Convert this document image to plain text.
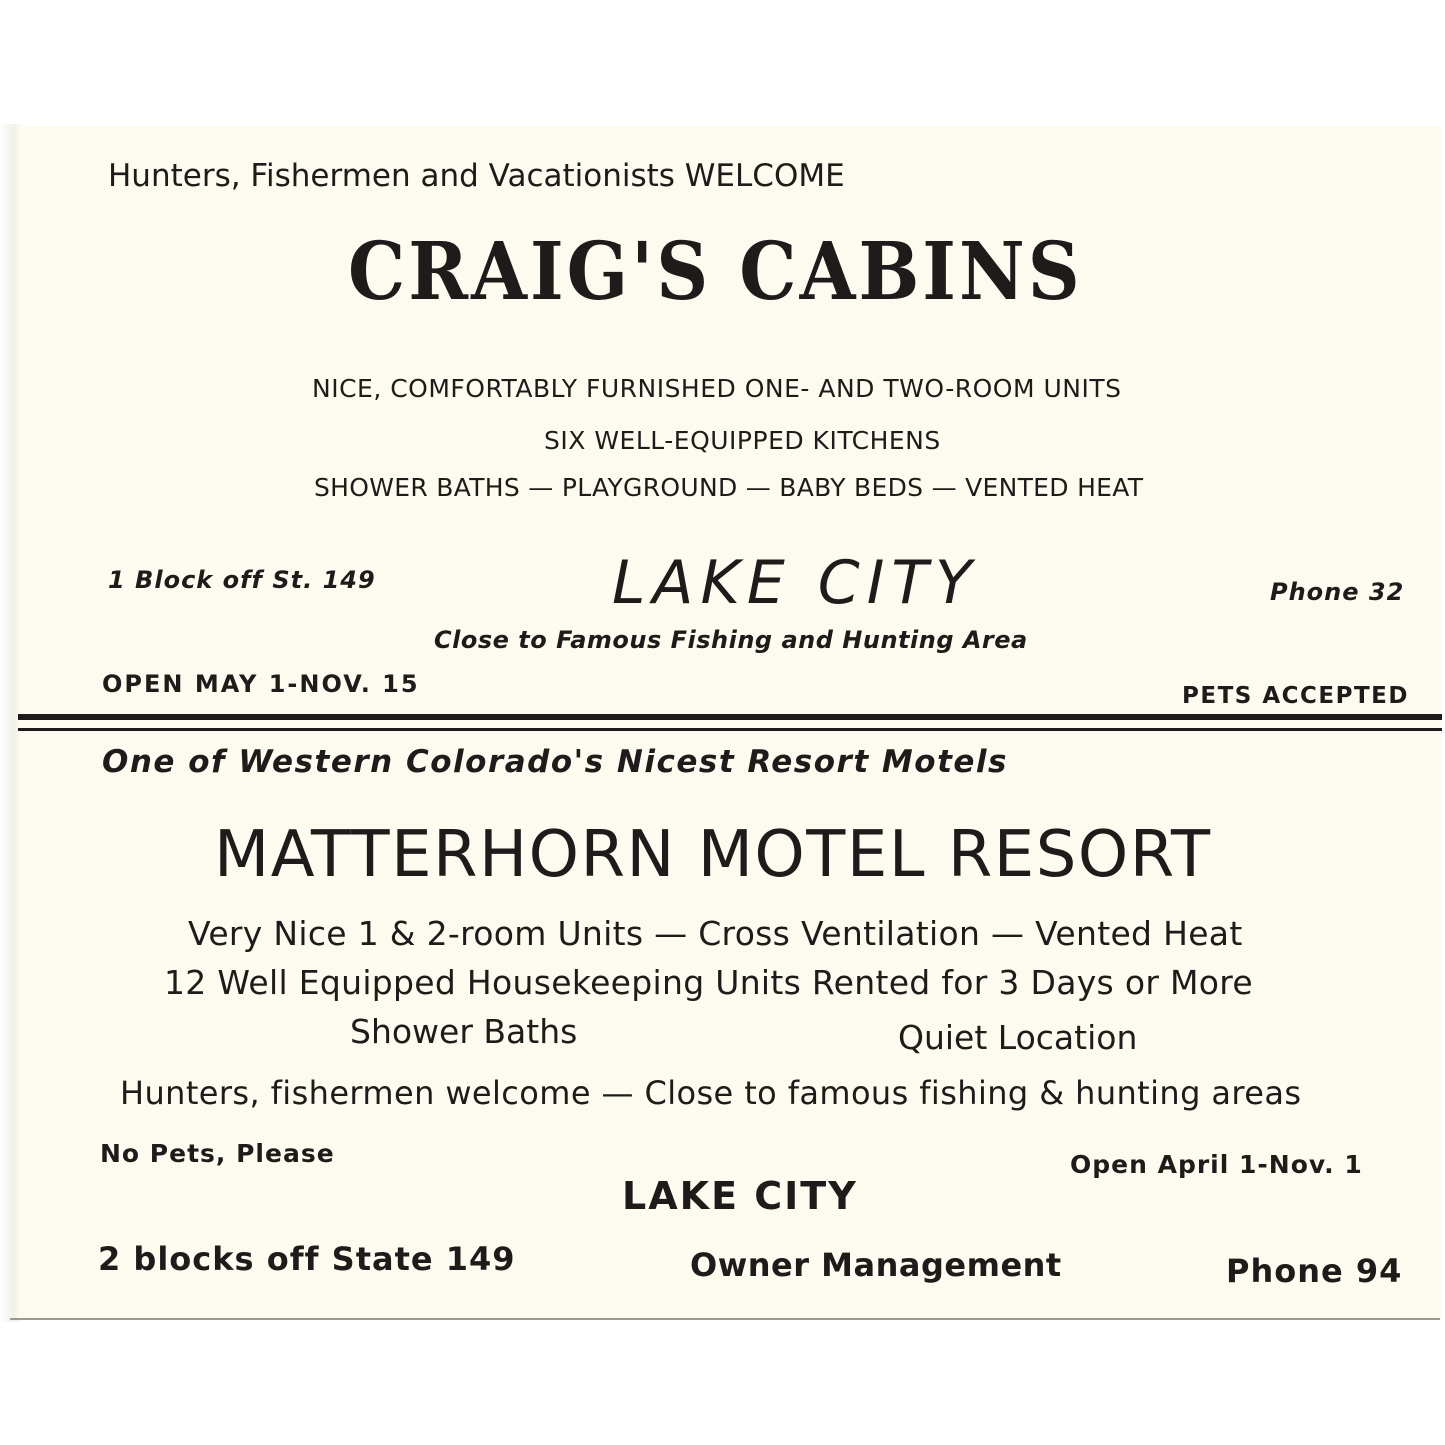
Hunters, Fishermen and Vacationists WELCOME

CRAIG'S CABINS

NICE, COMFORTABLY FURNISHED ONE- AND TWO-ROOM UNITS

SIX WELL-EQUIPPED KITCHENS

SHOWER BATHS — PLAYGROUND — BABY BEDS — VENTED HEAT

1 Block off St. 149	LAKE CITY	Phone 32

Close to Famous Fishing and Hunting Area

OPEN MAY 1-NOV. 15	PETS ACCEPTED

One of Western Colorado's Nicest Resort Motels

MATTERHORN MOTEL RESORT

Very Nice 1 & 2-room Units — Cross Ventilation — Vented Heat

12 Well Equipped Housekeeping Units Rented for 3 Days or More

Shower Baths	Quiet Location

Hunters, fishermen welcome — Close to famous fishing & hunting areas

No Pets, Please	Open April 1-Nov. 1

LAKE CITY

2 blocks off State 149	Owner Management	Phone 94
